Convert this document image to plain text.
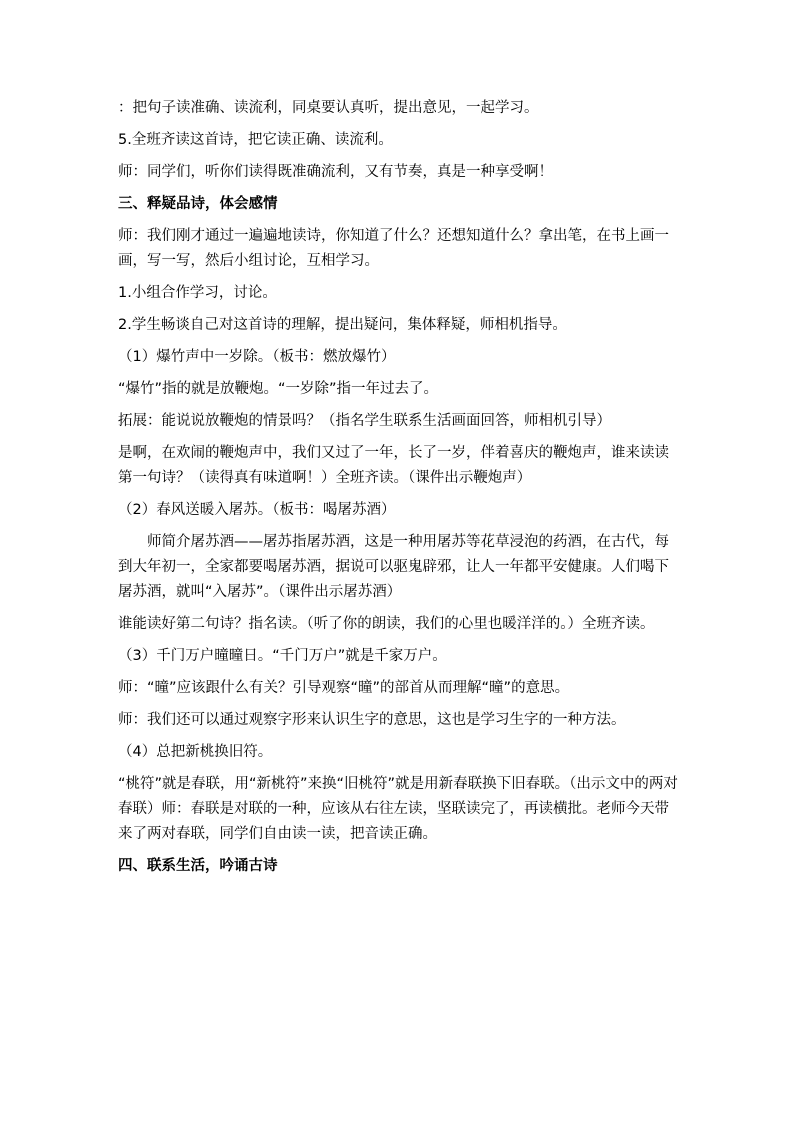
：把句子读准确、读流利，同桌要认真听，提出意见，一起学习。

5.全班齐读这首诗，把它读正确、读流利。

师：同学们，听你们读得既准确流利，又有节奏，真是一种享受啊！

三、释疑品诗，体会感情

师：我们刚才通过一遍遍地读诗，你知道了什么？还想知道什么？拿出笔，在书上画一画，写一写，然后小组讨论，互相学习。

1.小组合作学习，讨论。

2.学生畅谈自己对这首诗的理解，提出疑问，集体释疑，师相机指导。

（1）爆竹声中一岁除。（板书：燃放爆竹）

“爆竹”指的就是放鞭炮。“一岁除”指一年过去了。

拓展：能说说放鞭炮的情景吗？（指名学生联系生活画面回答，师相机引导）

是啊，在欢闹的鞭炮声中，我们又过了一年，长了一岁，伴着喜庆的鞭炮声，谁来读读第一句诗？（读得真有味道啊！）全班齐读。（课件出示鞭炮声）

（2）春风送暖入屠苏。（板书：喝屠苏酒）

师简介屠苏酒——屠苏指屠苏酒，这是一种用屠苏等花草浸泡的药酒，在古代，每到大年初一，全家都要喝屠苏酒，据说可以驱鬼辟邪，让人一年都平安健康。人们喝下屠苏酒，就叫“入屠苏”。（课件出示屠苏酒）

谁能读好第二句诗？指名读。（听了你的朗读，我们的心里也暖洋洋的。）全班齐读。

（3）千门万户曈曈日。“千门万户”就是千家万户。

师：“曈”应该跟什么有关？引导观察“曈”的部首从而理解“曈”的意思。

师：我们还可以通过观察字形来认识生字的意思，这也是学习生字的一种方法。

（4）总把新桃换旧符。

“桃符”就是春联，用“新桃符”来换“旧桃符”就是用新春联换下旧春联。（出示文中的两对春联）师：春联是对联的一种，应该从右往左读，坚联读完了，再读横批。老师今天带来了两对春联，同学们自由读一读，把音读正确。

四、联系生活，吟诵古诗
